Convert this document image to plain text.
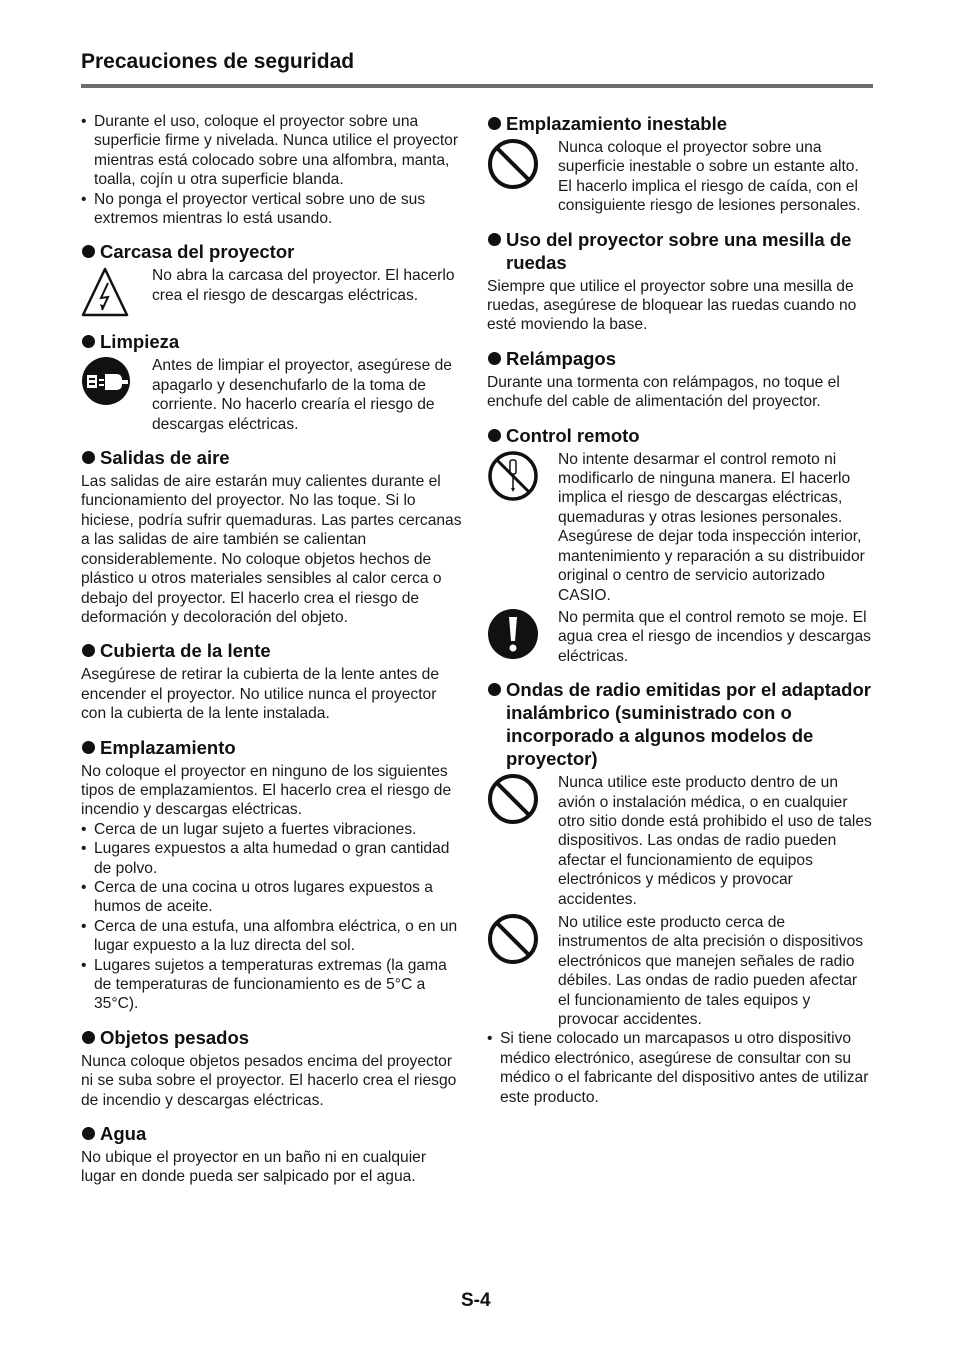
Precauciones de seguridad
• Durante el uso, coloque el proyector sobre una superficie firme y nivelada. Nunca utilice el proyector mientras está colocado sobre una alfombra, manta, toalla, cojín u otra superficie blanda.
• No ponga el proyector vertical sobre uno de sus extremos mientras lo está usando.
Carcasa del proyector

No abra la carcasa del proyector. El hacerlo crea el riesgo de descargas eléctricas.

Limpieza

Antes de limpiar el proyector, asegúrese de apagarlo y desenchufarlo de la toma de corriente. No hacerlo crearía el riesgo de descargas eléctricas.

Salidas de aire

Las salidas de aire estarán muy calientes durante el funcionamiento del proyector. No las toque. Si lo hiciese, podría sufrir quemaduras. Las partes cercanas a las salidas de aire también se calientan considerablemente. No coloque objetos hechos de plástico u otros materiales sensibles al calor cerca o debajo del proyector. El hacerlo crea el riesgo de deformación y decoloración del objeto.

Cubierta de la lente

Asegúrese de retirar la cubierta de la lente antes de encender el proyector. No utilice nunca el proyector con la cubierta de la lente instalada.

Emplazamiento

No coloque el proyector en ninguno de los siguientes tipos de emplazamientos. El hacerlo crea el riesgo de incendio y descargas eléctricas.

• Cerca de un lugar sujeto a fuertes vibraciones.
• Lugares expuestos a alta humedad o gran cantidad de polvo.
• Cerca de una cocina u otros lugares expuestos a humos de aceite.
• Cerca de una estufa, una alfombra eléctrica, o en un lugar expuesto a la luz directa del sol.
• Lugares sujetos a temperaturas extremas (la gama de temperaturas de funcionamiento es de 5°C a 35°C).
Objetos pesados

Nunca coloque objetos pesados encima del proyector ni se suba sobre el proyector. El hacerlo crea el riesgo de incendio y descargas eléctricas.

Agua

No ubique el proyector en un baño ni en cualquier lugar en donde pueda ser salpicado por el agua.

Emplazamiento inestable

Nunca coloque el proyector sobre una superficie inestable o sobre un estante alto. El hacerlo implica el riesgo de caída, con el consiguiente riesgo de lesiones personales.

Uso del proyector sobre una mesilla de ruedas

Siempre que utilice el proyector sobre una mesilla de ruedas, asegúrese de bloquear las ruedas cuando no esté moviendo la base.

Relámpagos

Durante una tormenta con relámpagos, no toque el enchufe del cable de alimentación del proyector.

Control remoto

No intente desarmar el control remoto ni modificarlo de ninguna manera. El hacerlo implica el riesgo de descargas eléctricas, quemaduras y otras lesiones personales. Asegúrese de dejar toda inspección interior, mantenimiento y reparación a su distribuidor original o centro de servicio autorizado CASIO.

No permita que el control remoto se moje. El agua crea el riesgo de incendios y descargas eléctricas.

Ondas de radio emitidas por el adaptador inalámbrico (suministrado con o incorporado a algunos modelos de proyector)

Nunca utilice este producto dentro de un avión o instalación médica, o en cualquier otro sitio donde está prohibido el uso de tales dispositivos. Las ondas de radio pueden afectar el funcionamiento de equipos electrónicos y médicos y provocar accidentes.

No utilice este producto cerca de instrumentos de alta precisión o dispositivos electrónicos que manejen señales de radio débiles. Las ondas de radio pueden afectar el funcionamiento de tales equipos y provocar accidentes.

• Si tiene colocado un marcapasos u otro dispositivo médico electrónico, asegúrese de consultar con su médico o el fabricante del dispositivo antes de utilizar este producto.
S-4
